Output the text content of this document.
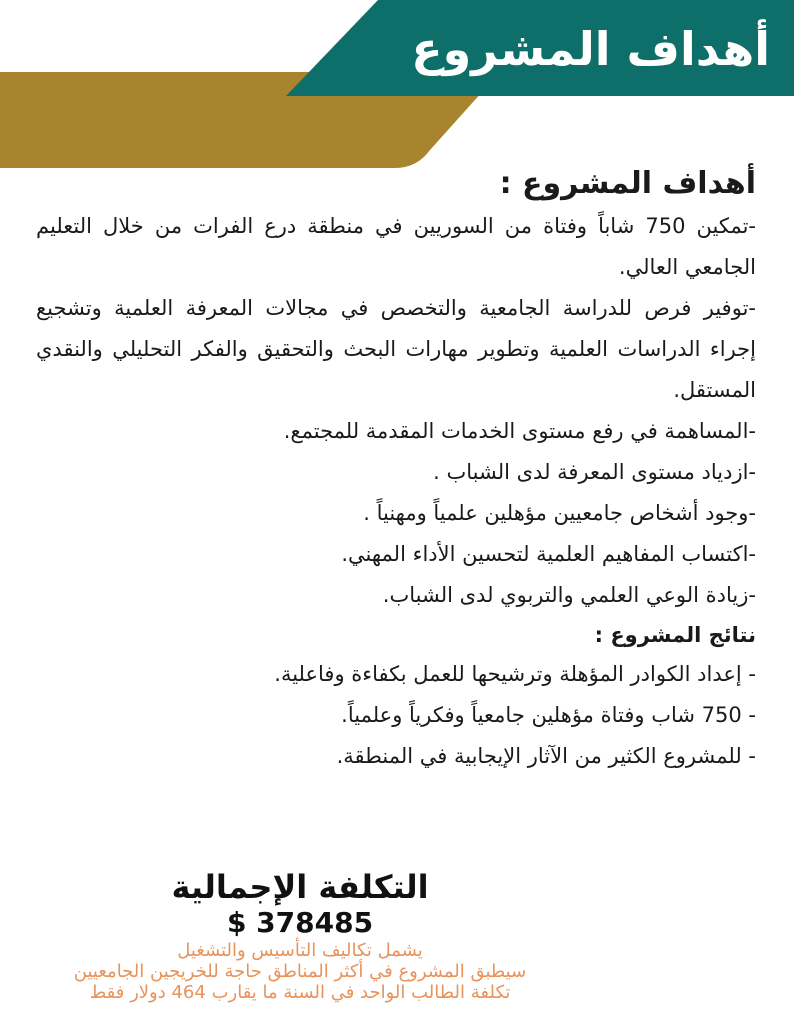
أهداف المشروع
أهداف المشروع :

-تمكين 750 شاباً وفتاة من السوريين في منطقة درع الفرات من خلال التعليم الجامعي العالي.

-توفير فرص للدراسة الجامعية والتخصص في مجالات المعرفة العلمية وتشجيع إجراء الدراسات العلمية وتطوير مهارات البحث والتحقيق والفكر التحليلي والنقدي المستقل.

-المساهمة في رفع مستوى الخدمات المقدمة للمجتمع.

-ازدياد مستوى المعرفة لدى الشباب .

-وجود أشخاص جامعيين مؤهلين علمياً ومهنياً .

-اكتساب المفاهيم العلمية لتحسين الأداء المهني.

-زيادة الوعي العلمي والتربوي لدى الشباب.

نتائج المشروع :

- إعداد الكوادر المؤهلة وترشيحها للعمل بكفاءة وفاعلية.

- 750 شاب وفتاة مؤهلين جامعياً وفكرياً وعلمياً.

- للمشروع الكثير من الآثار الإيجابية في المنطقة.

التكلفة الإجمالية
$ 378485

يشمل تكاليف التأسيس والتشغيل

سيطبق المشروع في أكثر المناطق حاجة للخريجين الجامعيين

تكلفة الطالب الواحد في السنة ما يقارب 464 دولار فقط
